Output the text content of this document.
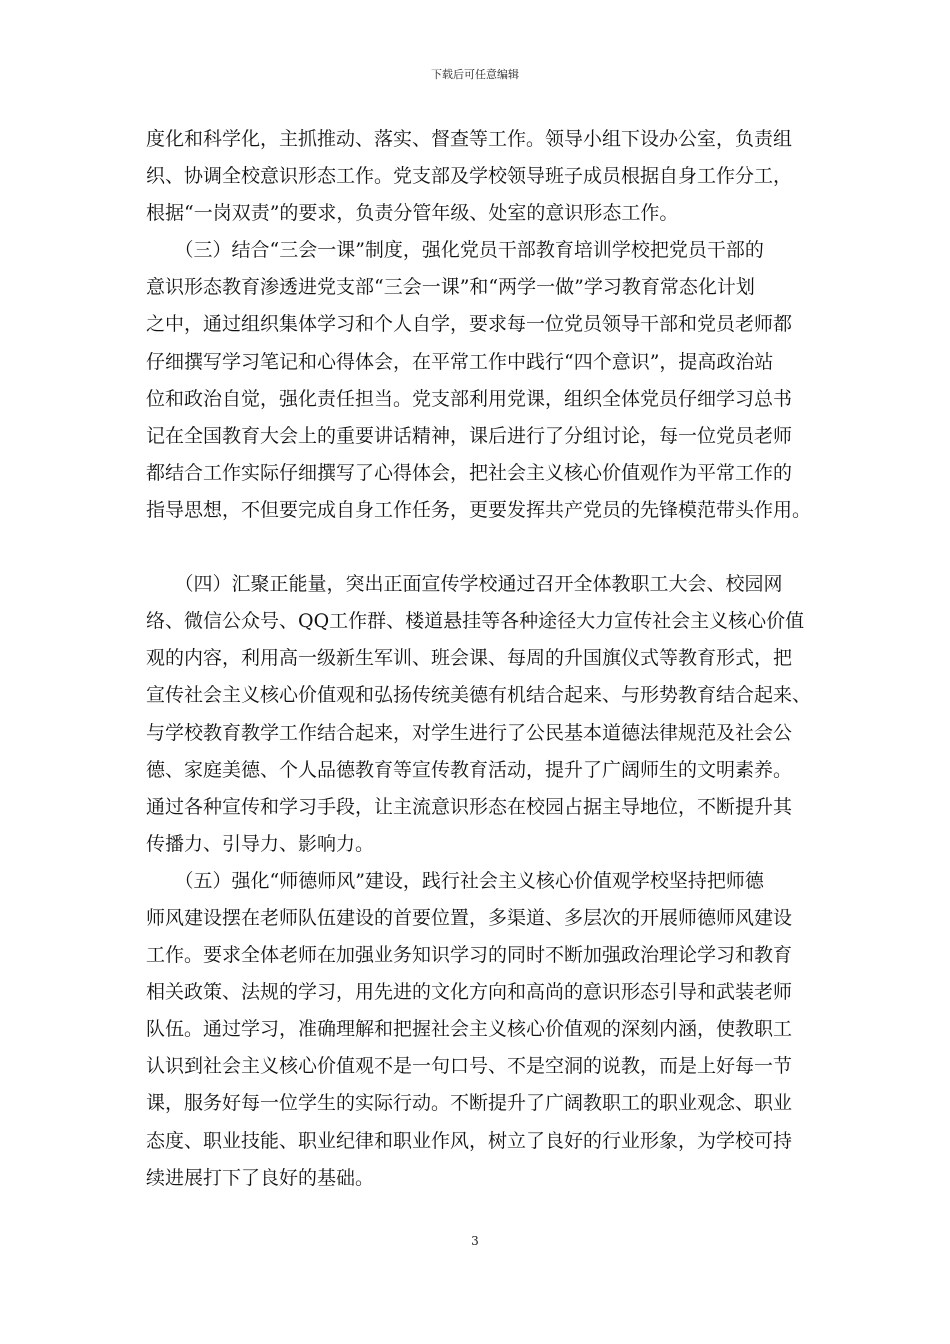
下载后可任意编辑
度化和科学化，主抓推动、落实、督查等工作。领导小组下设办公室，负责组
织、协调全校意识形态工作。党支部及学校领导班子成员根据自身工作分工，
根据“一岗双责”的要求，负责分管年级、处室的意识形态工作。
　　（三）结合“三会一课”制度，强化党员干部教育培训学校把党员干部的
意识形态教育渗透进党支部“三会一课”和“两学一做”学习教育常态化计划
之中，通过组织集体学习和个人自学，要求每一位党员领导干部和党员老师都
仔细撰写学习笔记和心得体会，在平常工作中践行“四个意识”，提高政治站
位和政治自觉，强化责任担当。党支部利用党课，组织全体党员仔细学习总书
记在全国教育大会上的重要讲话精神，课后进行了分组讨论，每一位党员老师
都结合工作实际仔细撰写了心得体会，把社会主义核心价值观作为平常工作的
指导思想，不但要完成自身工作任务，更要发挥共产党员的先锋模范带头作用。
　　（四）汇聚正能量，突出正面宣传学校通过召开全体教职工大会、校园网
络、微信公众号、QQ工作群、楼道悬挂等各种途径大力宣传社会主义核心价值
观的内容，利用高一级新生军训、班会课、每周的升国旗仪式等教育形式，把
宣传社会主义核心价值观和弘扬传统美德有机结合起来、与形势教育结合起来、
与学校教育教学工作结合起来，对学生进行了公民基本道德法律规范及社会公
德、家庭美德、个人品德教育等宣传教育活动，提升了广阔师生的文明素养。
通过各种宣传和学习手段，让主流意识形态在校园占据主导地位，不断提升其
传播力、引导力、影响力。
　　（五）强化“师德师风”建设，践行社会主义核心价值观学校坚持把师德
师风建设摆在老师队伍建设的首要位置，多渠道、多层次的开展师德师风建设
工作。要求全体老师在加强业务知识学习的同时不断加强政治理论学习和教育
相关政策、法规的学习，用先进的文化方向和高尚的意识形态引导和武装老师
队伍。通过学习，准确理解和把握社会主义核心价值观的深刻内涵，使教职工
认识到社会主义核心价值观不是一句口号、不是空洞的说教，而是上好每一节
课，服务好每一位学生的实际行动。不断提升了广阔教职工的职业观念、职业
态度、职业技能、职业纪律和职业作风，树立了良好的行业形象，为学校可持
续进展打下了良好的基础。
3
